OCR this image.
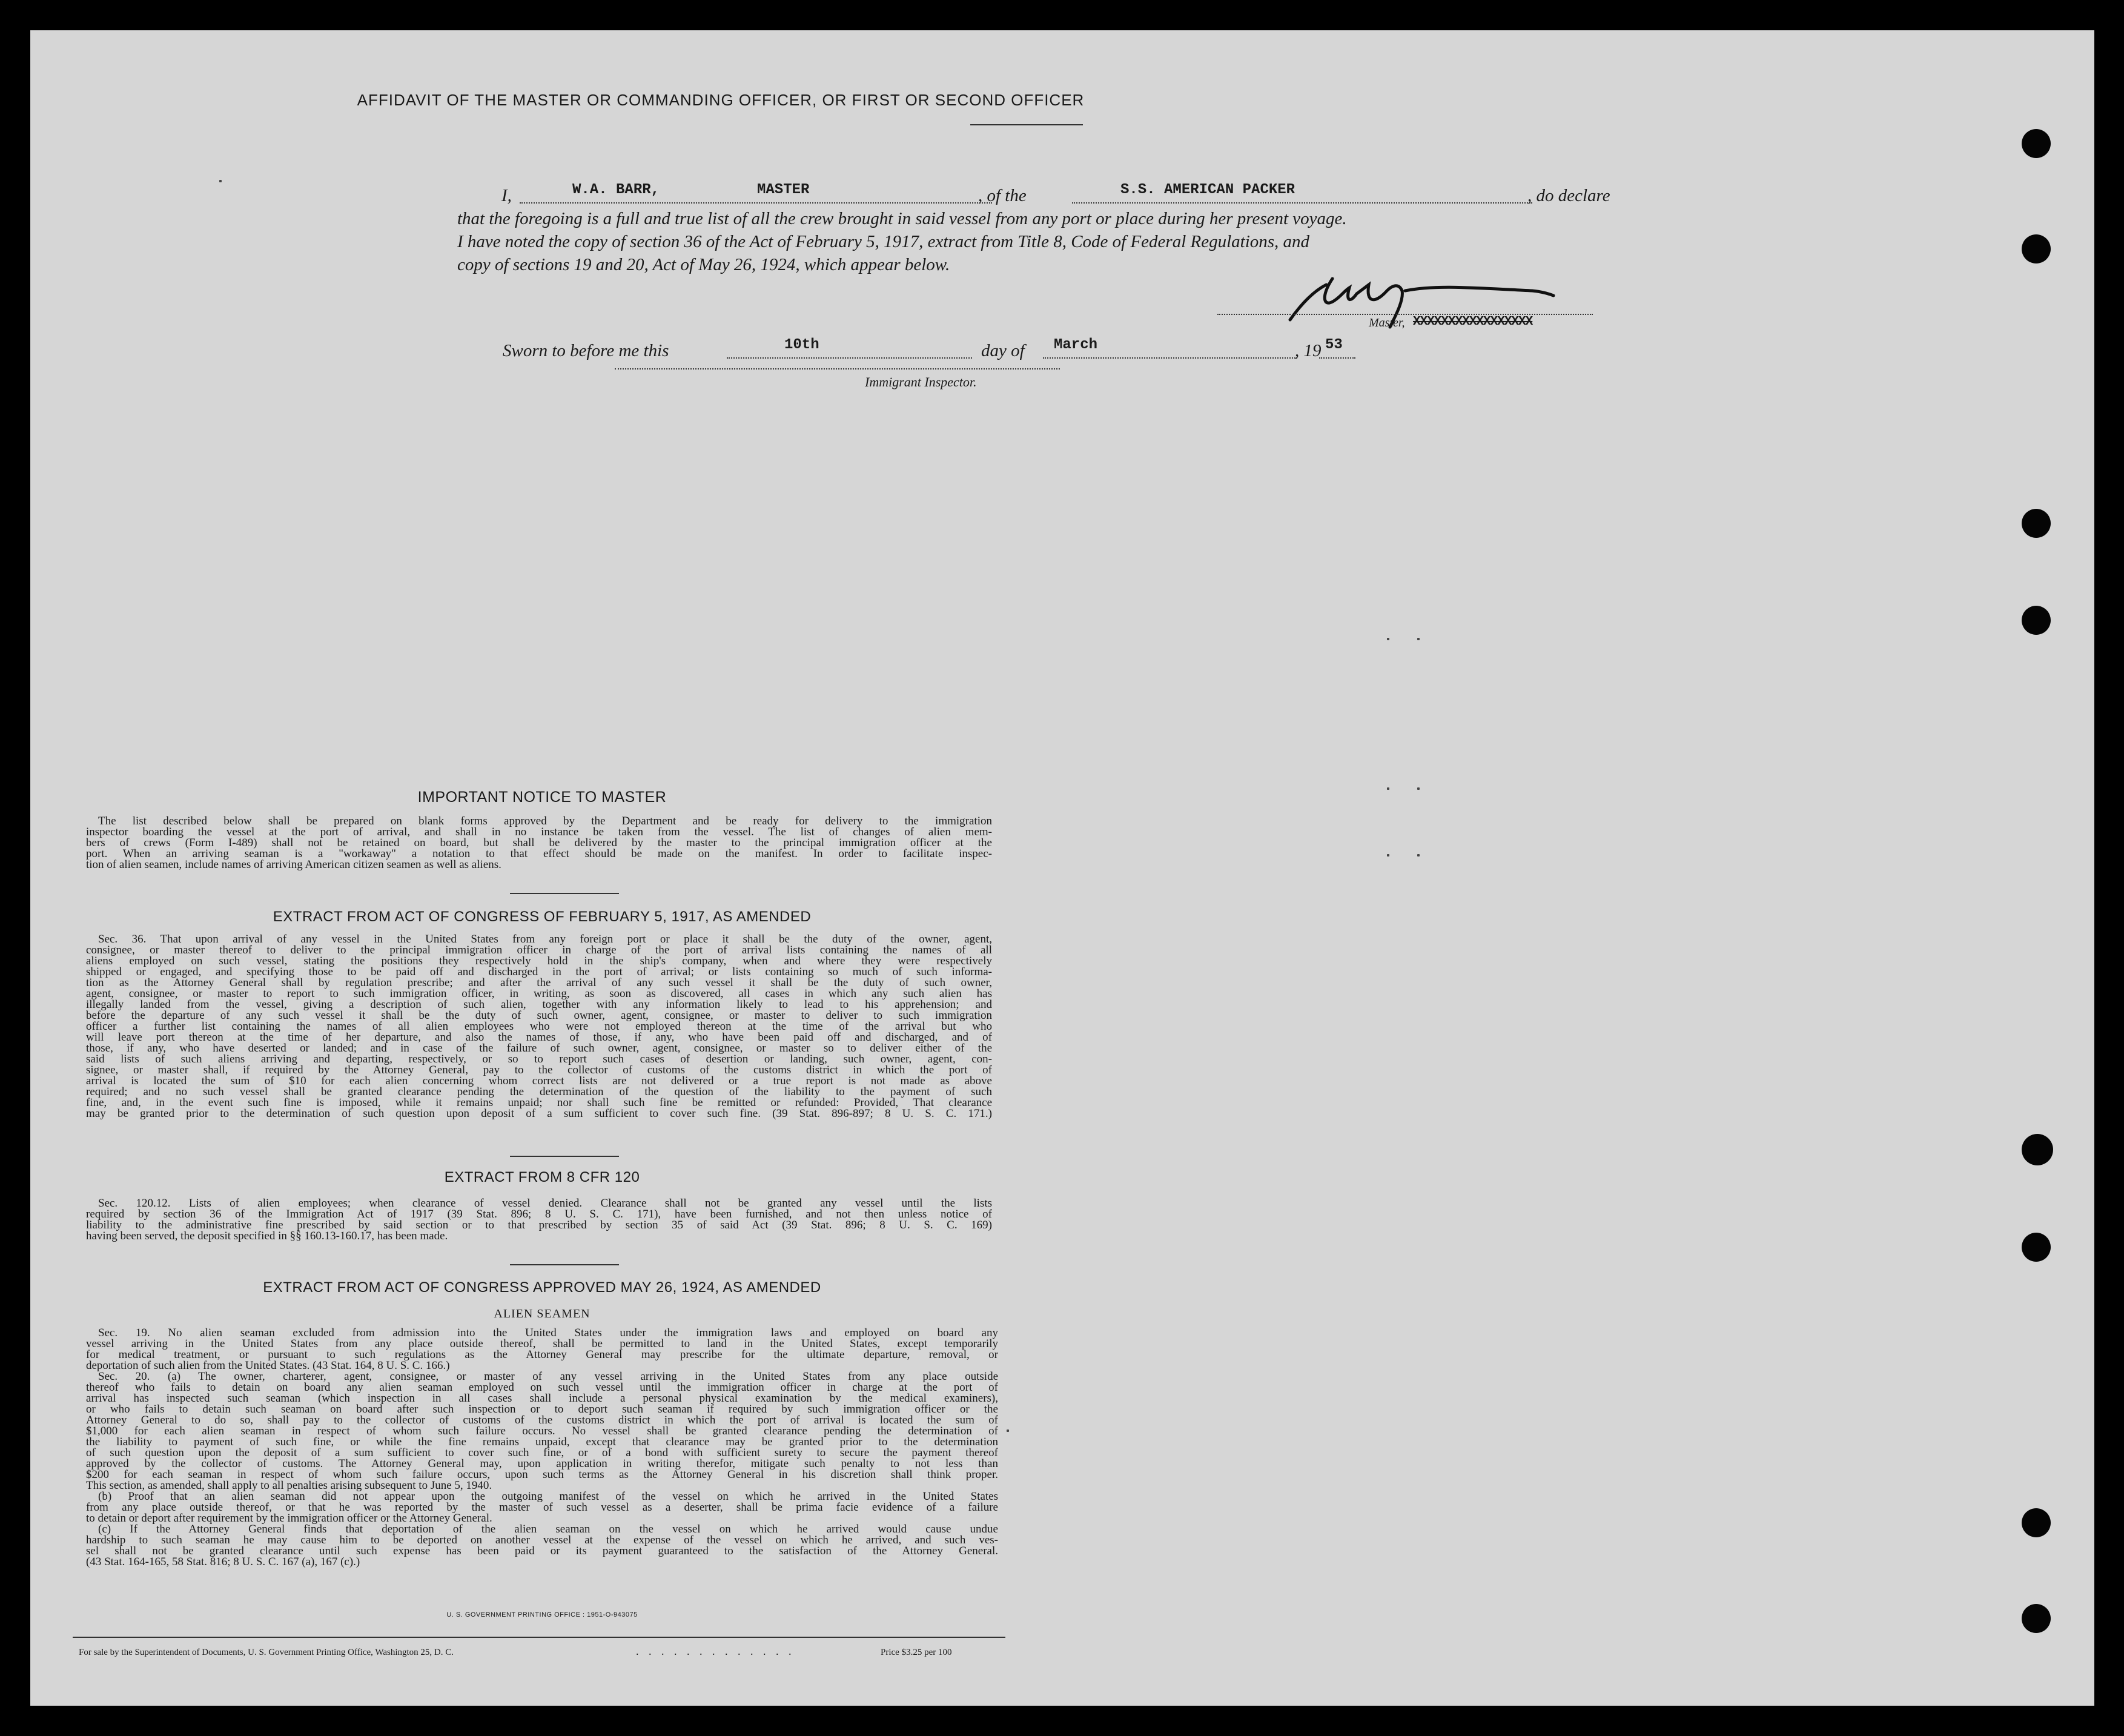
AFFIDAVIT OF THE MASTER OR COMMANDING OFFICER, OR FIRST OR SECOND OFFICER
I,	W.A. BARR,	MASTER	, of the	S.S. AMERICAN PACKER	, do declare
that the foregoing is a full and true list of all the crew brought in said vessel from any port or place during her present voyage.
I have noted the copy of section 36 of the Act of February 5, 1917, extract from Title 8, Code of Federal Regulations, and
copy of sections 19 and 20, Act of May 26, 1924, which appear below.
Master, XXXXXXXXXXXXXXXXX
Sworn to before me this	10th	day of March	, 19 53
Immigrant Inspector.
IMPORTANT NOTICE TO MASTER
The list described below shall be prepared on blank forms approved by the Department and be ready for delivery to the immigration
inspector boarding the vessel at the port of arrival, and shall in no instance be taken from the vessel. The list of changes of alien mem-
bers of crews (Form I-489) shall not be retained on board, but shall be delivered by the master to the principal immigration officer at the
port. When an arriving seaman is a "workaway" a notation to that effect should be made on the manifest. In order to facilitate inspec-
tion of alien seamen, include names of arriving American citizen seamen as well as aliens.
EXTRACT FROM ACT OF CONGRESS OF FEBRUARY 5, 1917, AS AMENDED
Sec. 36. That upon arrival of any vessel in the United States from any foreign port or place it shall be the duty of the owner, agent,
consignee, or master thereof to deliver to the principal immigration officer in charge of the port of arrival lists containing the names of all
aliens employed on such vessel, stating the positions they respectively hold in the ship's company, when and where they were respectively
shipped or engaged, and specifying those to be paid off and discharged in the port of arrival; or lists containing so much of such informa-
tion as the Attorney General shall by regulation prescribe; and after the arrival of any such vessel it shall be the duty of such owner,
agent, consignee, or master to report to such immigration officer, in writing, as soon as discovered, all cases in which any such alien has
illegally landed from the vessel, giving a description of such alien, together with any information likely to lead to his apprehension; and
before the departure of any such vessel it shall be the duty of such owner, agent, consignee, or master to deliver to such immigration
officer a further list containing the names of all alien employees who were not employed thereon at the time of the arrival but who
will leave port thereon at the time of her departure, and also the names of those, if any, who have been paid off and discharged, and of
those, if any, who have deserted or landed; and in case of the failure of such owner, agent, consignee, or master so to deliver either of the
said lists of such aliens arriving and departing, respectively, or so to report such cases of desertion or landing, such owner, agent, con-
signee, or master shall, if required by the Attorney General, pay to the collector of customs of the customs district in which the port of
arrival is located the sum of $10 for each alien concerning whom correct lists are not delivered or a true report is not made as above
required; and no such vessel shall be granted clearance pending the determination of the question of the liability to the payment of such
fine, and, in the event such fine is imposed, while it remains unpaid; nor shall such fine be remitted or refunded: Provided, That clearance
may be granted prior to the determination of such question upon deposit of a sum sufficient to cover such fine. (39 Stat. 896-897; 8 U. S. C. 171.)
EXTRACT FROM 8 CFR 120
Sec. 120.12. Lists of alien employees; when clearance of vessel denied. Clearance shall not be granted any vessel until the lists
required by section 36 of the Immigration Act of 1917 (39 Stat. 896; 8 U. S. C. 171), have been furnished, and not then unless notice of
liability to the administrative fine prescribed by said section or to that prescribed by section 35 of said Act (39 Stat. 896; 8 U. S. C. 169)
having been served, the deposit specified in §§ 160.13-160.17, has been made.
EXTRACT FROM ACT OF CONGRESS APPROVED MAY 26, 1924, AS AMENDED
ALIEN SEAMEN
Sec. 19. No alien seaman excluded from admission into the United States under the immigration laws and employed on board any
vessel arriving in the United States from any place outside thereof, shall be permitted to land in the United States, except temporarily
for medical treatment, or pursuant to such regulations as the Attorney General may prescribe for the ultimate departure, removal, or
deportation of such alien from the United States. (43 Stat. 164, 8 U. S. C. 166.)
Sec. 20. (a) The owner, charterer, agent, consignee, or master of any vessel arriving in the United States from any place outside
thereof who fails to detain on board any alien seaman employed on such vessel until the immigration officer in charge at the port of
arrival has inspected such seaman (which inspection in all cases shall include a personal physical examination by the medical examiners),
or who fails to detain such seaman on board after such inspection or to deport such seaman if required by such immigration officer or the
Attorney General to do so, shall pay to the collector of customs of the customs district in which the port of arrival is located the sum of
$1,000 for each alien seaman in respect of whom such failure occurs. No vessel shall be granted clearance pending the determination of
the liability to payment of such fine, or while the fine remains unpaid, except that clearance may be granted prior to the determination
of such question upon the deposit of a sum sufficient to cover such fine, or of a bond with sufficient surety to secure the payment thereof
approved by the collector of customs. The Attorney General may, upon application in writing therefor, mitigate such penalty to not less than
$200 for each seaman in respect of whom such failure occurs, upon such terms as the Attorney General in his discretion shall think proper.
This section, as amended, shall apply to all penalties arising subsequent to June 5, 1940.
(b) Proof that an alien seaman did not appear upon the outgoing manifest of the vessel on which he arrived in the United States
from any place outside thereof, or that he was reported by the master of such vessel as a deserter, shall be prima facie evidence of a failure
to detain or deport after requirement by the immigration officer or the Attorney General.
(c) If the Attorney General finds that deportation of the alien seaman on the vessel on which he arrived would cause undue
hardship to such seaman he may cause him to be deported on another vessel at the expense of the vessel on which he arrived, and such ves-
sel shall not be granted clearance until such expense has been paid or its payment guaranteed to the satisfaction of the Attorney General.
(43 Stat. 164-165, 58 Stat. 816; 8 U. S. C. 167 (a), 167 (c).)
U. S. GOVERNMENT PRINTING OFFICE : 1951-O-943075
For sale by the Superintendent of Documents, U. S. Government Printing Office, Washington 25, D. C.	. . . . . . . . . . . . .	Price $3.25 per 100
